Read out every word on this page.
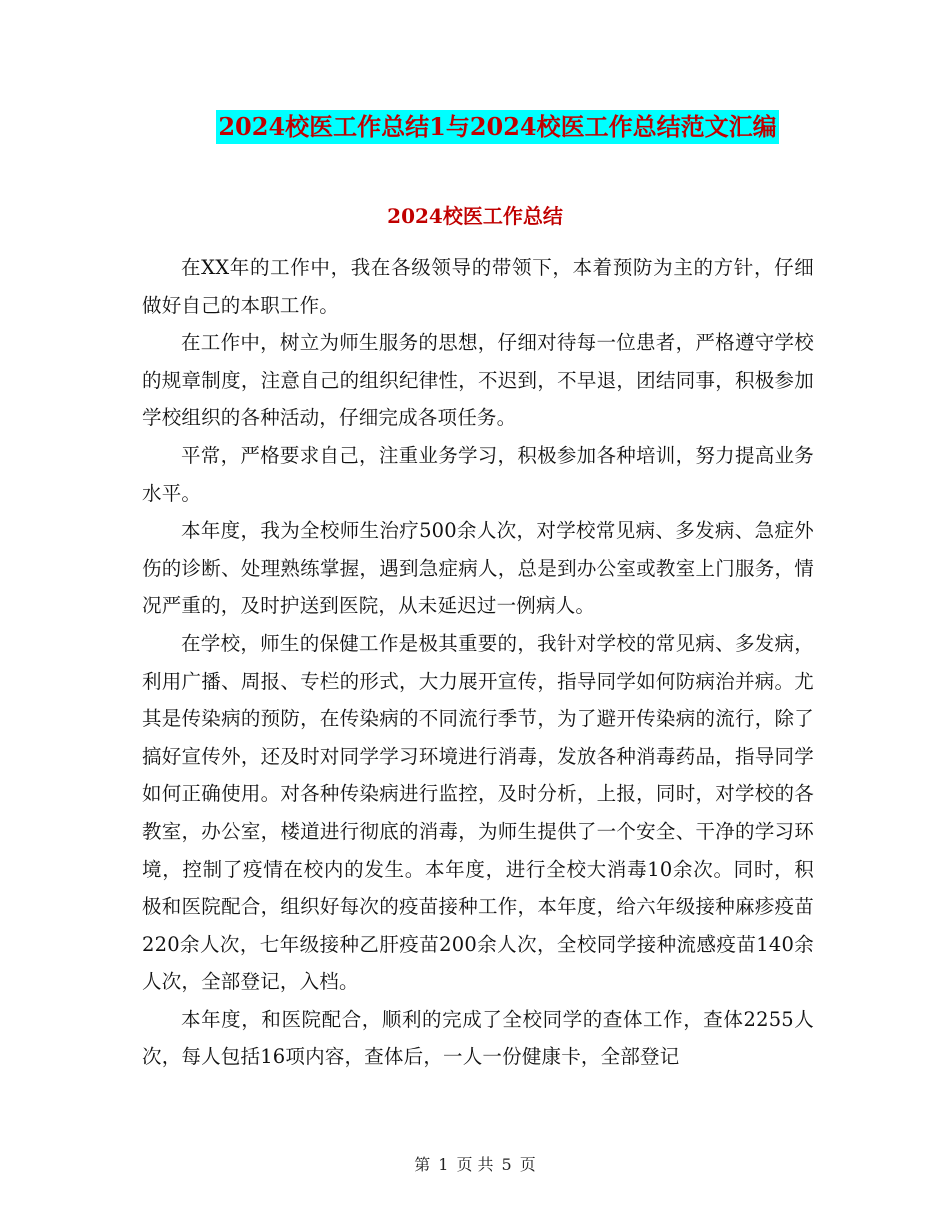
2024校医工作总结1与2024校医工作总结范文汇编
2024校医工作总结

在XX年的工作中，我在各级领导的带领下，本着预防为主的方针，仔细做好自己的本职工作。

在工作中，树立为师生服务的思想，仔细对待每一位患者，严格遵守学校的规章制度，注意自己的组织纪律性，不迟到，不早退，团结同事，积极参加学校组织的各种活动，仔细完成各项任务。

平常，严格要求自己，注重业务学习，积极参加各种培训，努力提高业务水平。

本年度，我为全校师生治疗500余人次，对学校常见病、多发病、急症外伤的诊断、处理熟练掌握，遇到急症病人，总是到办公室或教室上门服务，情况严重的，及时护送到医院，从未延迟过一例病人。

在学校，师生的保健工作是极其重要的，我针对学校的常见病、多发病，利用广播、周报、专栏的形式，大力展开宣传，指导同学如何防病治并病。尤其是传染病的预防，在传染病的不同流行季节，为了避开传染病的流行，除了搞好宣传外，还及时对同学学习环境进行消毒，发放各种消毒药品，指导同学如何正确使用。对各种传染病进行监控，及时分析，上报，同时，对学校的各教室，办公室，楼道进行彻底的消毒，为师生提供了一个安全、干净的学习环境，控制了疫情在校内的发生。本年度，进行全校大消毒10余次。同时，积极和医院配合，组织好每次的疫苗接种工作，本年度，给六年级接种麻疹疫苗220余人次，七年级接种乙肝疫苗200余人次，全校同学接种流感疫苗140余人次，全部登记，入档。

本年度，和医院配合，顺利的完成了全校同学的查体工作，查体2255人次，每人包括16项内容，查体后，一人一份健康卡，全部登记

第 1 页 共 5 页
